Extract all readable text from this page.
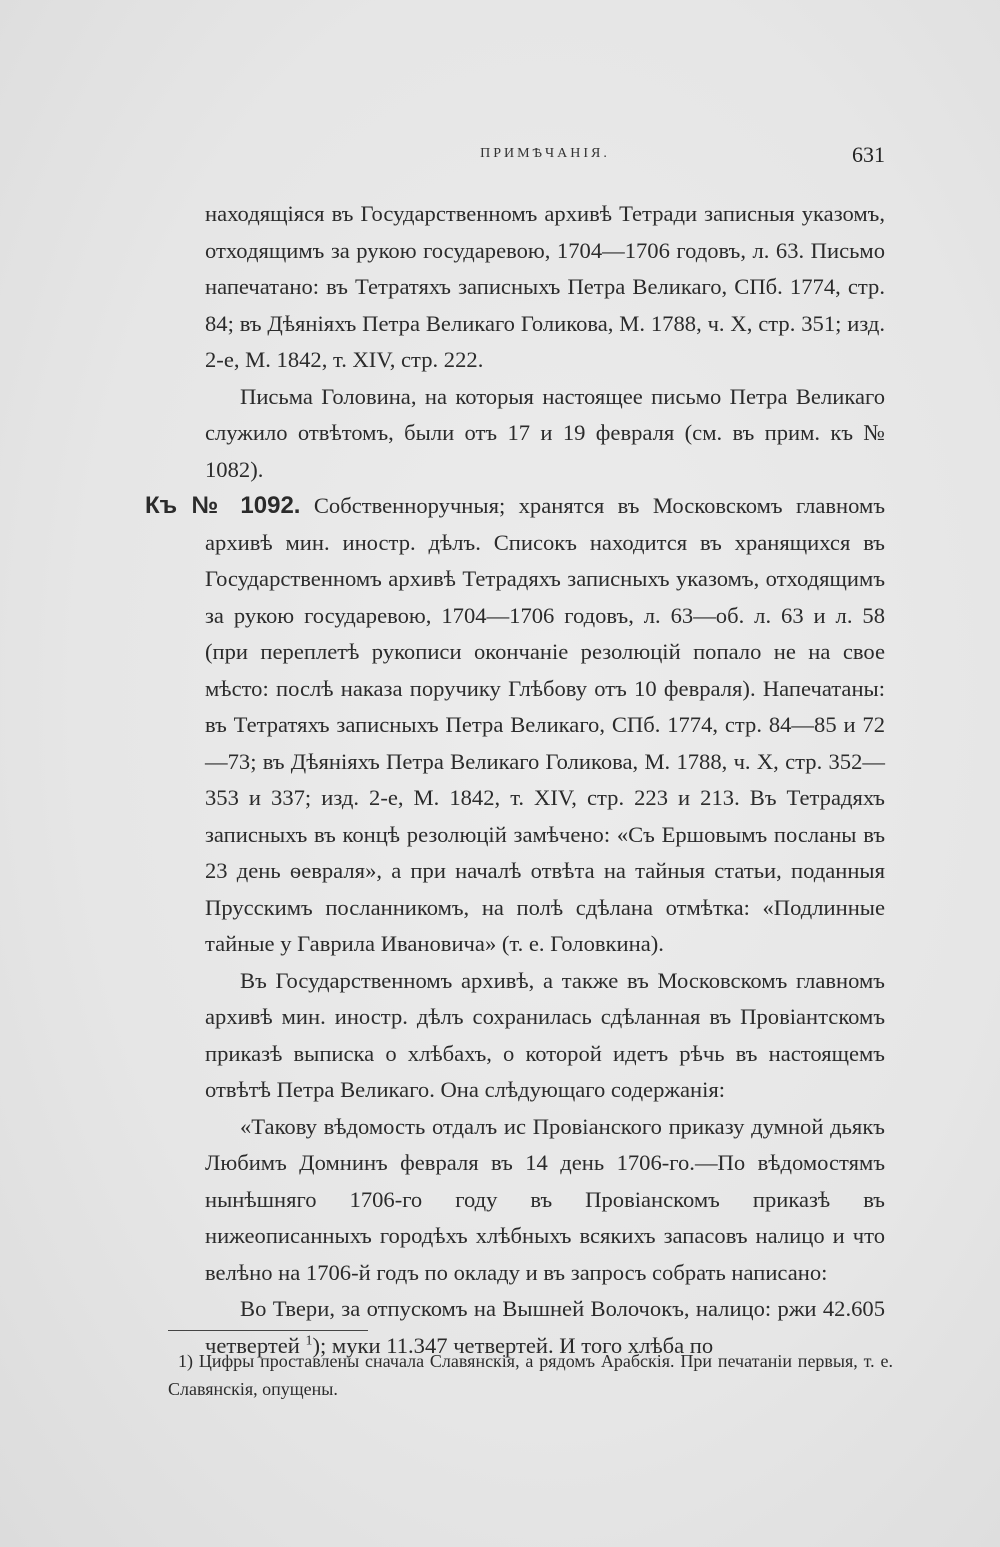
ПРИМѢЧАНІЯ.	631

находящіяся въ Государственномъ архивѣ Тетради записныя указомъ, отходящимъ за рукою государевою, 1704—1706 годовъ, л. 63. Письмо напечатано: въ Тетратяхъ записныхъ Петра Великаго, СПб. 1774, стр. 84; въ Дѣяніяхъ Петра Великаго Голикова, М. 1788, ч. X, стр. 351; изд. 2-е, М. 1842, т. XIV, стр. 222.

Письма Головина, на которыя настоящее письмо Петра Великаго служило отвѣтомъ, были отъ 17 и 19 февраля (см. въ прим. къ № 1082).

Къ № 1092. Собственноручныя; хранятся въ Московскомъ главномъ архивѣ мин. иностр. дѣлъ. Списокъ находится въ хранящихся въ Государственномъ архивѣ Тетрадяхъ записныхъ указомъ, отходящимъ за рукою государевою, 1704—1706 годовъ, л. 63—об. л. 63 и л. 58 (при переплетѣ рукописи окончаніе резолюцій попало не на свое мѣсто: послѣ наказа поручику Глѣбову отъ 10 февраля). Напечатаны: въ Тетратяхъ записныхъ Петра Великаго, СПб. 1774, стр. 84—85 и 72—73; въ Дѣяніяхъ Петра Великаго Голикова, М. 1788, ч. X, стр. 352—353 и 337; изд. 2-е, М. 1842, т. XIV, стр. 223 и 213. Въ Тетрадяхъ записныхъ въ концѣ резолюцій замѣчено: «Съ Ершовымъ посланы въ 23 день ѳевраля», а при началѣ отвѣта на тайныя статьи, поданныя Прусскимъ посланникомъ, на полѣ сдѣлана отмѣтка: «Подлинные тайные у Гаврила Ивановича» (т. е. Головкина).

Въ Государственномъ архивѣ, а также въ Московскомъ главномъ архивѣ мин. иностр. дѣлъ сохранилась сдѣланная въ Провіантскомъ приказѣ выписка о хлѣбахъ, о которой идетъ рѣчь въ настоящемъ отвѣтѣ Петра Великаго. Она слѣдующаго содержанія:

«Такову вѣдомость отдалъ ис Провіанского приказу думной дьякъ Любимъ Домнинъ февраля въ 14 день 1706-го.—По вѣдомостямъ нынѣшняго 1706-го году въ Провіанскомъ приказѣ въ нижеописанныхъ городѣхъ хлѣбныхъ всякихъ запасовъ налицо и что велѣно на 1706-й годъ по окладу и въ запросъ собрать написано:

Во Твери, за отпускомъ на Вышней Волочокъ, налицо: ржи 42.605 четвертей $^1$); муки 11.347 четвертей. И того хлѣба по

1) Цифры проставлены сначала Славянскія, а рядомъ Арабскія. При печатаніи первыя, т. е. Славянскія, опущены.
